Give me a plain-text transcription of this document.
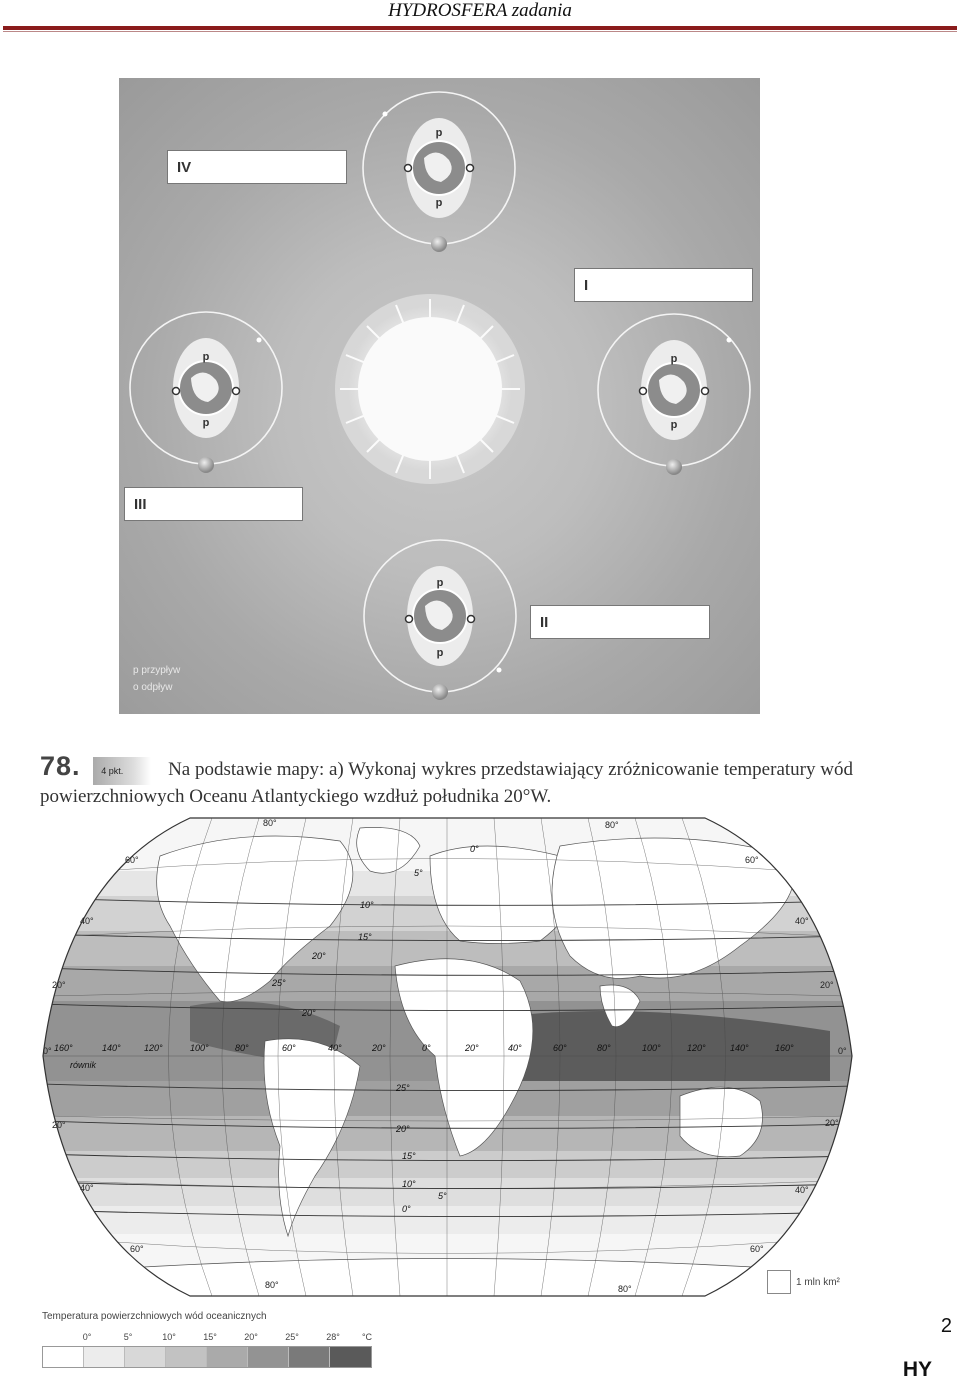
HYDROSFERA zadania
p
p
p
p
p
p
p
p
IV
I
III
II
p przypływ
o odpływ
78. 4 pkt. Na podstawie mapy: a) Wykonaj wykres przedstawiający zróżnicowanie temperatury wód powierzchniowych Oceanu Atlantyckiego wzdłuż południka 20°W.
80°	80°
60°	60°
40°	40°
20°	20°
0°	0°
20°	20°
40°	40°
60°	60°
80°	80°
160°	140°	120°	100°	80°	60°	40°	20°	0°	20°	40°	60°	80°	100°	120°	140°	160°
równik
0°
5°
10°
15°
20°
25°
20°
25°
20°
15°
10°
5°
0°
1 mln km²
Temperatura powierzchniowych wód oceanicznych
0°	5°	10°	15°	20°	25°	28°	°C	2
HY
